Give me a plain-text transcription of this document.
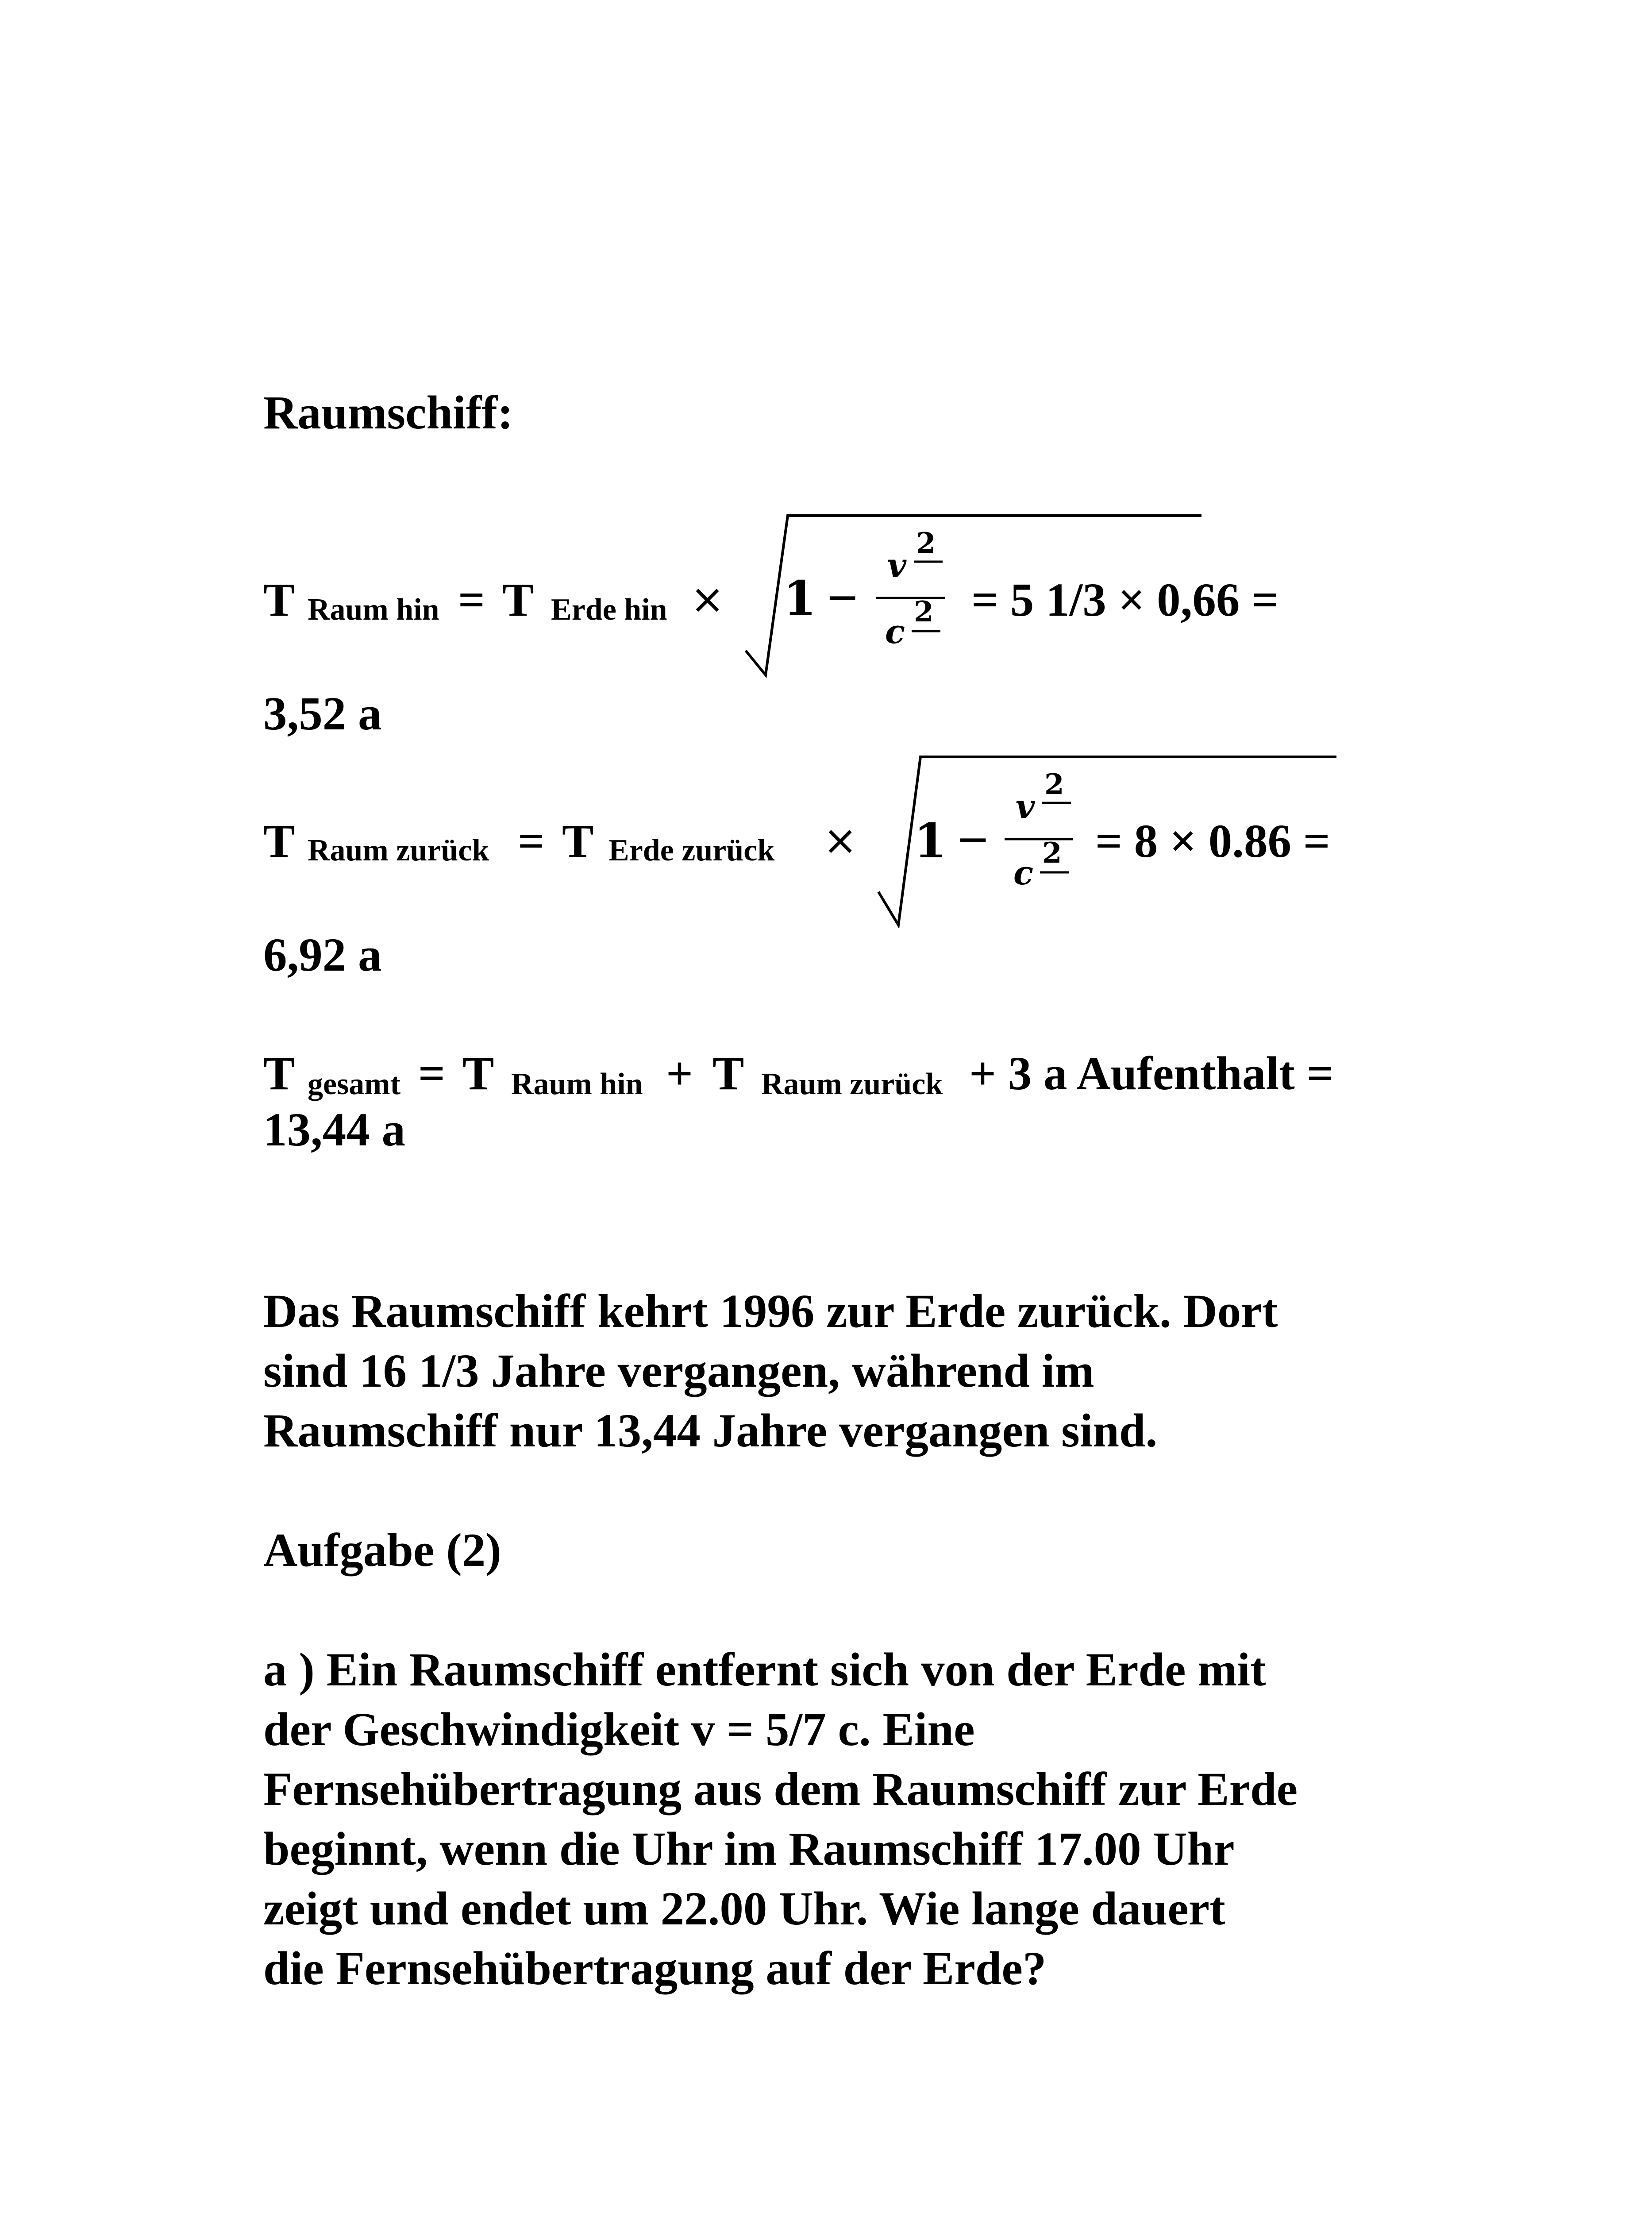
Raumschiff:
T Raum hin = T Erde hin × 1 −
v
2
c
2 = 5 1/3 × 0,66 =
3,52 a
T Raum zurück = T Erde zurück × 1 −
v
2
c
2 = 8 × 0.86 =
6,92 a
T gesamt = T Raum hin + T Raum zurück + 3 a Aufenthalt =
13,44 a
Das Raumschiff kehrt 1996 zur Erde zurück. Dort
sind 16 1/3 Jahre vergangen, während im
Raumschiff nur 13,44 Jahre vergangen sind.
Aufgabe (2)
a ) Ein Raumschiff entfernt sich von der Erde mit
der Geschwindigkeit v = 5/7 c. Eine
Fernsehübertragung aus dem Raumschiff zur Erde
beginnt, wenn die Uhr im Raumschiff 17.00 Uhr
zeigt und endet um 22.00 Uhr. Wie lange dauert
die Fernsehübertragung auf der Erde?
